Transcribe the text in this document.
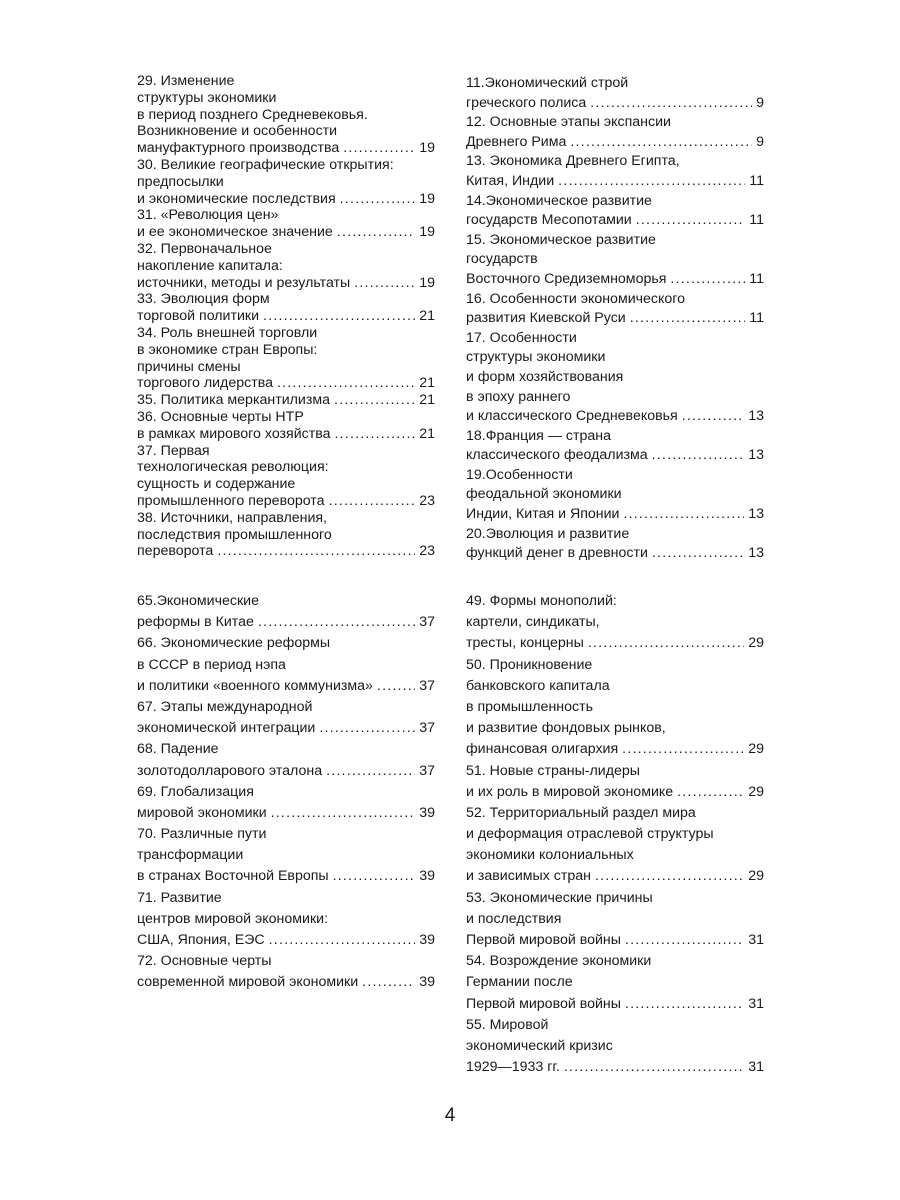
29. Изменение
структуры экономики
в период позднего Средневековья.
Возникновение и особенности
мануфактурного производства .....	19
30. Великие географические открытия:
предпосылки
и экономические последствия .....	19
31. «Революция цен»
и ее экономическое значение .....	19
32. Первоначальное
накопление капитала:
источники, методы и результаты .....	19
33. Эволюция форм
торговой политики .....	21
34. Роль внешней торговли
в экономике стран Европы:
причины смены
торгового лидерства .....	21
35. Политика меркантилизма .....	21
36. Основные черты НТР
в рамках мирового хозяйства .....	21
37. Первая
технологическая революция:
сущность и содержание
промышленного переворота .....	23
38. Источники, направления,
последствия промышленного
переворота .....	23
11.Экономический строй
греческого полиса .....	9
12. Основные этапы экспансии
Древнего Рима .....	9
13. Экономика Древнего Египта,
Китая, Индии .....	11
14.Экономическое развитие
государств Месопотамии .....	11
15. Экономическое развитие
государств
Восточного Средиземноморья .....	11
16. Особенности экономического
развития Киевской Руси .....	11
17. Особенности
структуры экономики
и форм хозяйствования
в эпоху раннего
и классического Средневековья .....	13
18.Франция — страна
классического феодализма .....	13
19.Особенности
феодальной экономики
Индии, Китая и Японии .....	13
20.Эволюция и развитие
функций денег в древности .....	13
65.Экономические
реформы в Китае .....	37
66. Экономические реформы
в СССР в период нэпа
и политики «военного коммунизма» .....	37
67. Этапы международной
экономической интеграции .....	37
68. Падение
золотодолларового эталона .....	37
69. Глобализация
мировой экономики .....	39
70. Различные пути
трансформации
в странах Восточной Европы .....	39
71. Развитие
центров мировой экономики:
США, Япония, ЕЭС .....	39
72. Основные черты
современной мировой экономики .....	39
49. Формы монополий:
картели, синдикаты,
тресты, концерны .....	29
50. Проникновение
банковского капитала
в промышленность
и развитие фондовых рынков,
финансовая олигархия .....	29
51. Новые страны-лидеры
и их роль в мировой экономике .....	29
52. Территориальный раздел мира
и деформация отраслевой структуры
экономики колониальных
и зависимых стран .....	29
53. Экономические причины
и последствия
Первой мировой войны .....	31
54. Возрождение экономики
Германии после
Первой мировой войны .....	31
55. Мировой
экономический кризис
1929—1933 гг. .....	31
4
